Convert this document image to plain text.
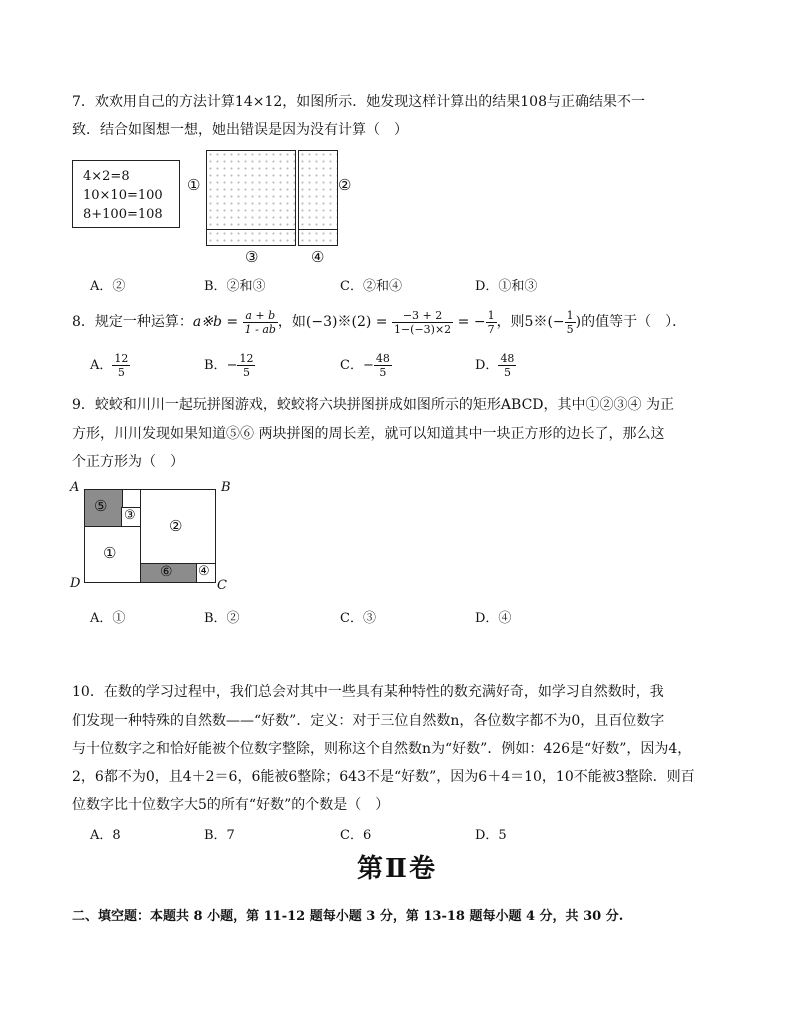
7．欢欢用自己的方法计算14×12，如图所示．她发现这样计算出的结果108与正确结果不一
致．结合如图想一想，她出错误是因为没有计算（　）
4×2=8
10×10=100
8+100=108
①	②
③	④
A．②	B．②和③	C．②和④	D．①和③
8．规定一种运算：a※b = $\frac{a + b}{1 - ab}$ ，如(−3)※(2) = $\frac{-3 + 2}{1-(-3)\times 2}$ = − $\frac{1}{7}$ ，则5※(− $\frac{1}{5}$ )的值等于（　）．
A． $\frac{12}{5}$	B．− $\frac{12}{5}$	C．− $\frac{48}{5}$	D． $\frac{48}{5}$
9．蛟蛟和川川一起玩拼图游戏，蛟蛟将六块拼图拼成如图所示的矩形ABCD，其中①②③④ 为正
方形，川川发现如果知道⑤⑥ 两块拼图的周长差，就可以知道其中一块正方形的边长了，那么这
个正方形为（　）
A	B
C
D
⑤
③
①
②
⑥ ④
A．①	B．②	C．③	D．④
10．在数的学习过程中，我们总会对其中一些具有某种特性的数充满好奇，如学习自然数时，我
们发现一种特殊的自然数——“好数”．定义：对于三位自然数n，各位数字都不为0，且百位数字
与十位数字之和恰好能被个位数字整除，则称这个自然数n为“好数”．例如：426是“好数”，因为4，
2，6都不为0，且4＋2＝6，6能被6整除；643不是“好数”，因为6＋4＝10，10不能被3整除．则百
位数字比十位数字大5的所有“好数”的个数是（　）
A．8	B．7	C．6	D．5
第Ⅱ卷
二、填空题：本题共 8 小题，第 11-12 题每小题 3 分，第 13-18 题每小题 4 分，共 30 分.
